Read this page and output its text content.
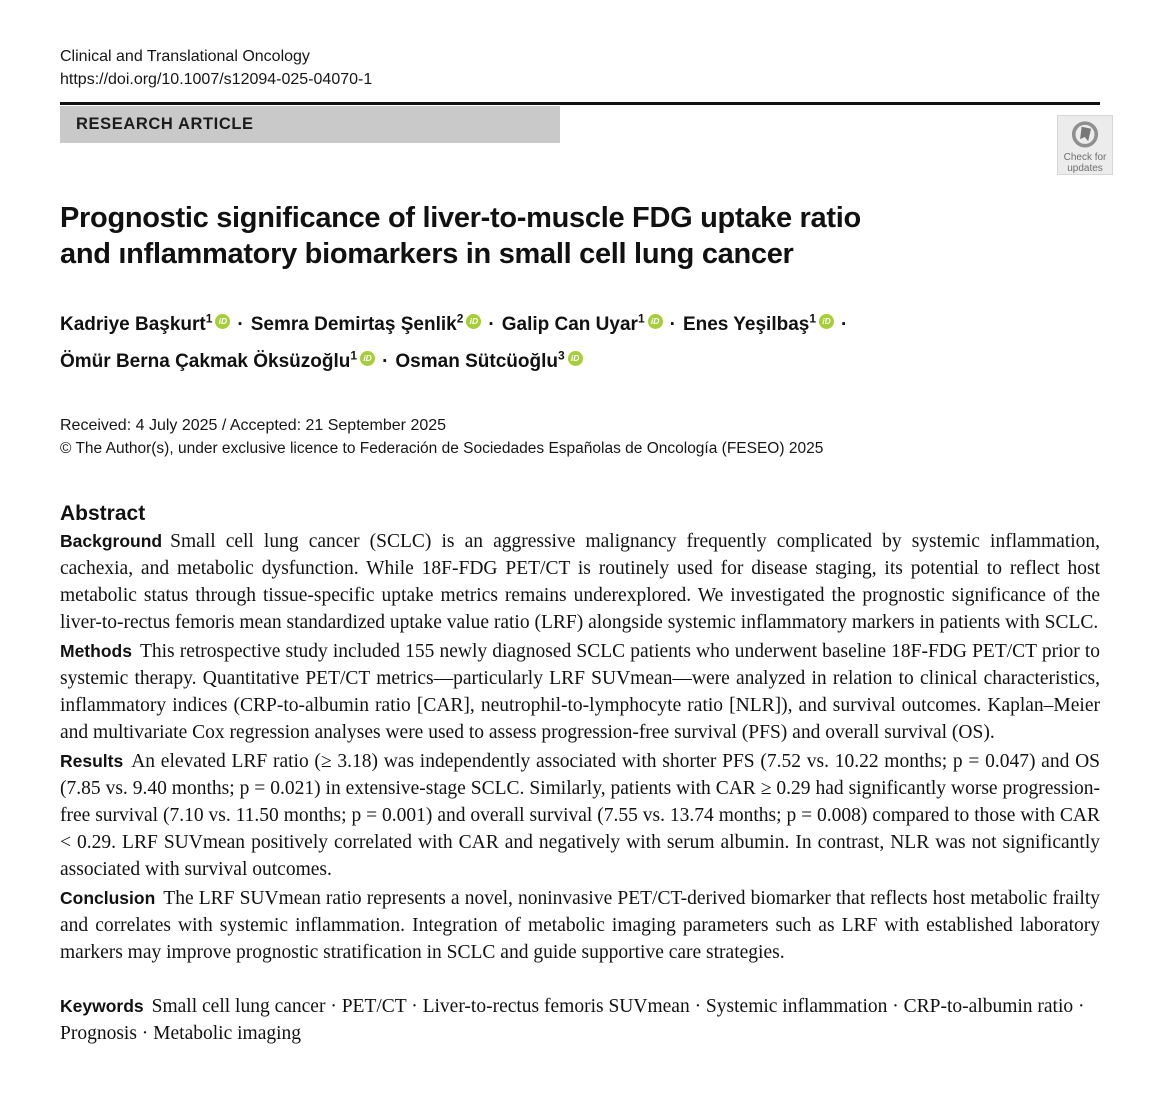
Clinical and Translational Oncology
https://doi.org/10.1007/s12094-025-04070-1
RESEARCH ARTICLE
Check for
updates
Prognostic significance of liver-to-muscle FDG uptake ratio
and ınflammatory biomarkers in small cell lung cancer
Kadriye Başkurt$^1$ iD · Semra Demirtaş Şenlik$^2$ iD · Galip Can Uyar$^1$ iD · Enes Yeşilbaş$^1$ iD ·
Ömür Berna Çakmak Öksüzoğlu$^1$ iD · Osman Sütcüoğlu$^3$ iD
Received: 4 July 2025 / Accepted: 21 September 2025
© The Author(s), under exclusive licence to Federación de Sociedades Españolas de Oncología (FESEO) 2025
Abstract

Background Small cell lung cancer (SCLC) is an aggressive malignancy frequently complicated by systemic inflammation, cachexia, and metabolic dysfunction. While 18F-FDG PET/CT is routinely used for disease staging, its potential to reflect host metabolic status through tissue-specific uptake metrics remains underexplored. We investigated the prognostic significance of the liver-to-rectus femoris mean standardized uptake value ratio (LRF) alongside systemic inflammatory markers in patients with SCLC.

Methods This retrospective study included 155 newly diagnosed SCLC patients who underwent baseline 18F-FDG PET/CT prior to systemic therapy. Quantitative PET/CT metrics—particularly LRF SUVmean—were analyzed in relation to clinical characteristics, inflammatory indices (CRP-to-albumin ratio [CAR], neutrophil-to-lymphocyte ratio [NLR]), and survival outcomes. Kaplan–Meier and multivariate Cox regression analyses were used to assess progression-free survival (PFS) and overall survival (OS).

Results An elevated LRF ratio (≥ 3.18) was independently associated with shorter PFS (7.52 vs. 10.22 months; p = 0.047) and OS (7.85 vs. 9.40 months; p = 0.021) in extensive-stage SCLC. Similarly, patients with CAR ≥ 0.29 had significantly worse progression-free survival (7.10 vs. 11.50 months; p = 0.001) and overall survival (7.55 vs. 13.74 months; p = 0.008) compared to those with CAR < 0.29. LRF SUVmean positively correlated with CAR and negatively with serum albumin. In contrast, NLR was not significantly associated with survival outcomes.

Conclusion The LRF SUVmean ratio represents a novel, noninvasive PET/CT-derived biomarker that reflects host metabolic frailty and correlates with systemic inflammation. Integration of metabolic imaging parameters such as LRF with established laboratory markers may improve prognostic stratification in SCLC and guide supportive care strategies.

Keywords Small cell lung cancer · PET/CT · Liver-to-rectus femoris SUVmean · Systemic inflammation · CRP-to-albumin ratio · Prognosis · Metabolic imaging
